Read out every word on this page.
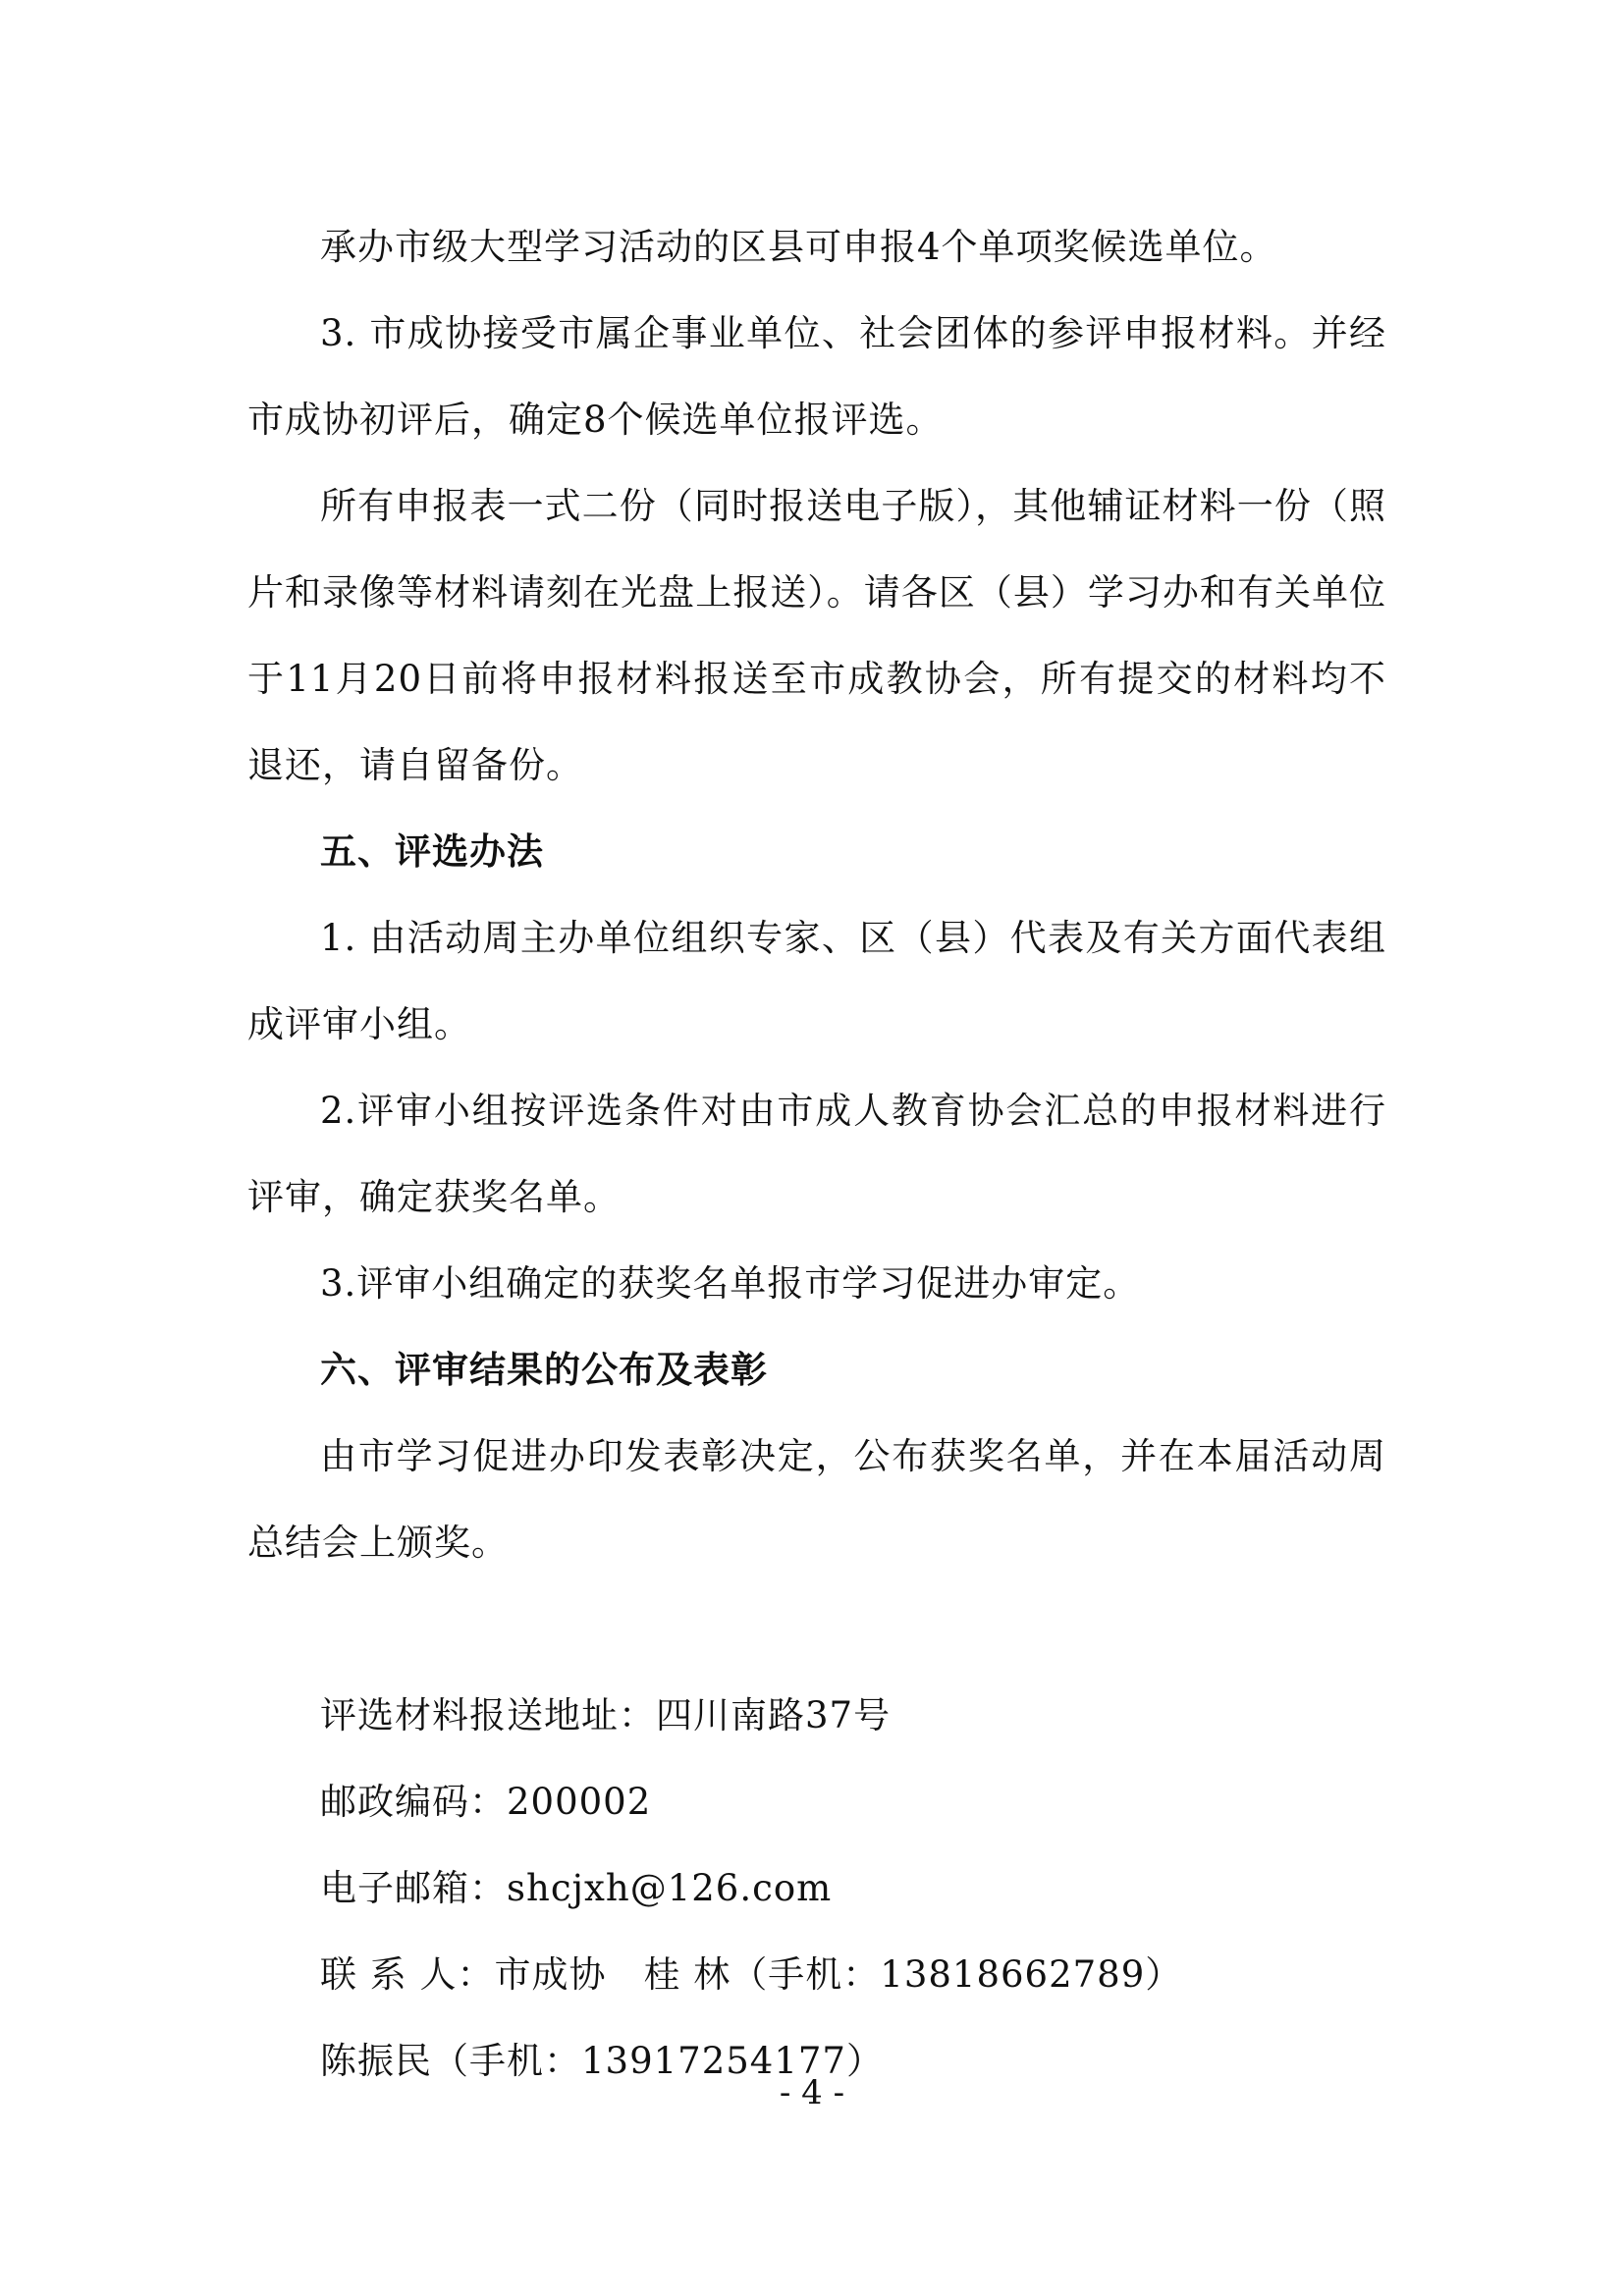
承办市级大型学习活动的区县可申报4个单项奖候选单位。

3. 市成协接受市属企事业单位、社会团体的参评申报材料。并经市成协初评后，确定8个候选单位报评选。

所有申报表一式二份（同时报送电子版），其他辅证材料一份（照片和录像等材料请刻在光盘上报送）。请各区（县）学习办和有关单位于11月20日前将申报材料报送至市成教协会，所有提交的材料均不退还，请自留备份。

五、评选办法

1. 由活动周主办单位组织专家、区（县）代表及有关方面代表组成评审小组。

2.评审小组按评选条件对由市成人教育协会汇总的申报材料进行评审，确定获奖名单。

3.评审小组确定的获奖名单报市学习促进办审定。

六、评审结果的公布及表彰

由市学习促进办印发表彰决定，公布获奖名单，并在本届活动周总结会上颁奖。

评选材料报送地址：四川南路37号

邮政编码：200002

电子邮箱：shcjxh@126.com

联 系 人：市成协　桂 林（手机：13818662789）

陈振民（手机：13917254177）

- 4 -
